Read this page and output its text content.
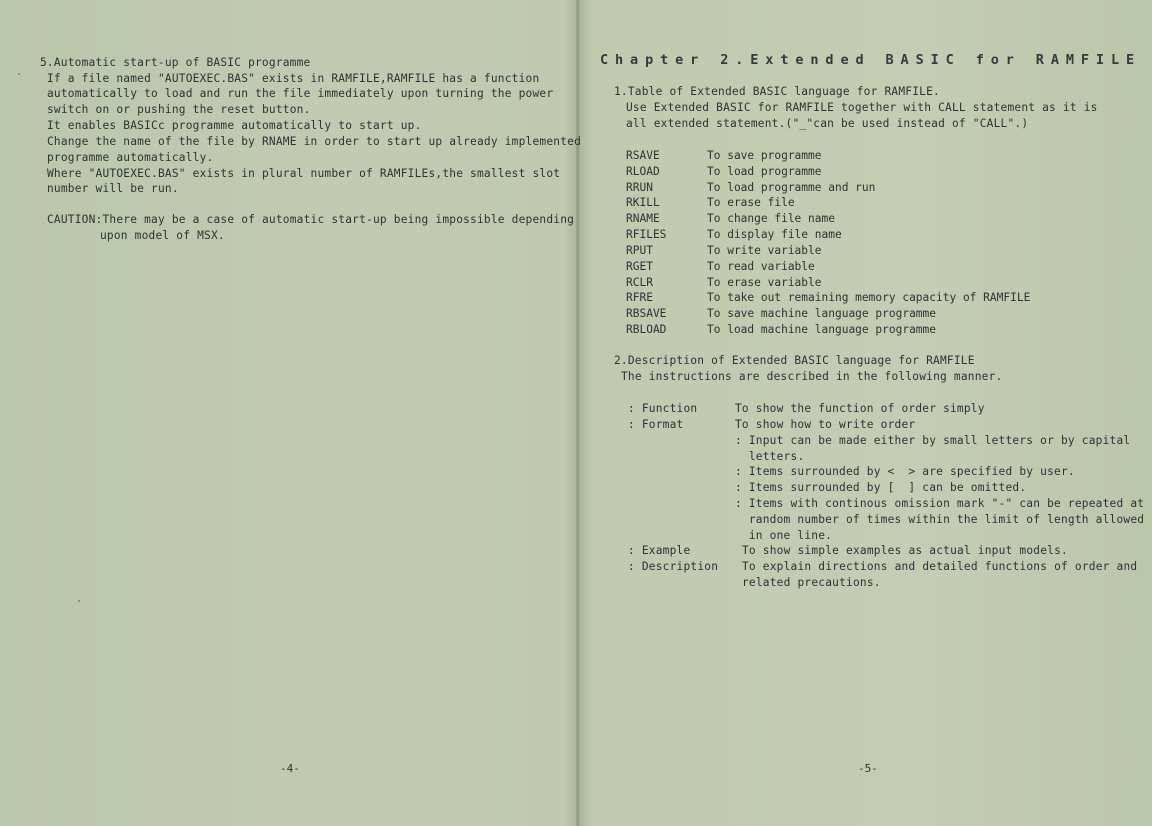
5.Automatic start-up of BASIC programme
If a file named "AUTOEXEC.BAS" exists in RAMFILE,RAMFILE has a function
automatically to load and run the file immediately upon turning the power
switch on or pushing the reset button.
It enables BASICc programme automatically to start up.
Change the name of the file by RNAME in order to start up already implemented
programme automatically.
Where "AUTOEXEC.BAS" exists in plural number of RAMFILEs,the smallest slot
number will be run.
CAUTION:There may be a case of automatic start-up being impossible depending
upon model of MSX.
-4-
Chapter 2.Extended BASIC for RAMFILE
1.Table of Extended BASIC language for RAMFILE.
Use Extended BASIC for RAMFILE together with CALL statement as it is
all extended statement.("_"can be used instead of "CALL".)
RSAVE	To save programme
RLOAD	To load programme
RRUN	To load programme and run
RKILL	To erase file
RNAME	To change file name
RFILES	To display file name
RPUT	To write variable
RGET	To read variable
RCLR	To erase variable
RFRE	To take out remaining memory capacity of RAMFILE
RBSAVE	To save machine language programme
RBLOAD	To load machine language programme
2.Description of Extended BASIC language for RAMFILE
The instructions are described in the following manner.
: Function	To show the function of order simply
: Format	To show how to write order
: Input can be made either by small letters or by capital
letters.
: Items surrounded by <  > are specified by user.
: Items surrounded by [  ] can be omitted.
: Items with continous omission mark "-" can be repeated at
random number of times within the limit of length allowed
in one line.
: Example	To show simple examples as actual input models.
: Description To explain directions and detailed functions of order and
related precautions.
-5-
